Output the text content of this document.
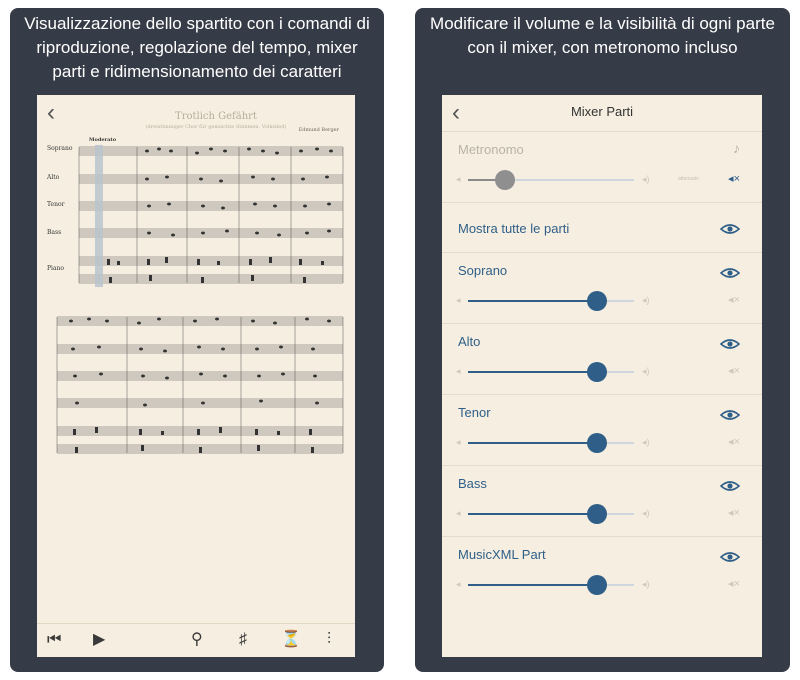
Visualizzazione dello spartito con i comandi di riproduzione, regolazione del tempo, mixer parti e ridimensionamento dei caratteri
‹	Trotlich Gefährt
(dreistimmiger Chor für gemischte Stimmen, Volkslied)	Edmund Berger
Moderato
Soprano
Alto
Tenor
Bass
Piano
⏮ ▶	⚲ ♯ ⏳ ⫶
Modificare il volume e la visibilità di ogni parte con il mixer, con metronomo incluso
‹	Mixer Parti
Metronomo	♪
◂	◂)	attenuato	◂×
Mostra tutte le parti
Soprano
◂	◂)	◂×
Alto
◂	◂)	◂×
Tenor
◂	◂)	◂×
Bass
◂	◂)	◂×
MusicXML Part
◂	◂)	◂×
